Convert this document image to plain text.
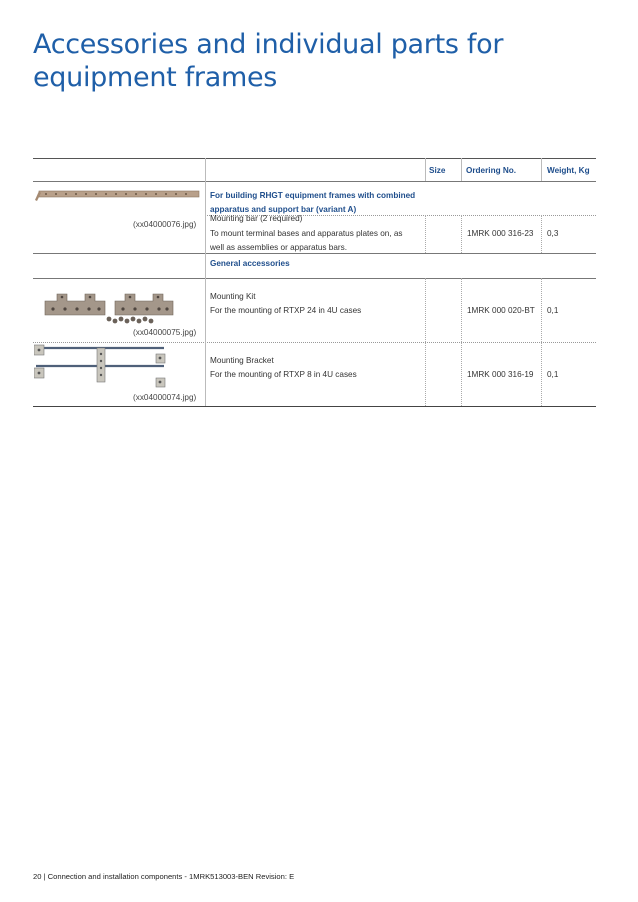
Accessories and individual parts for equipment frames
Size	Ordering No.	Weight, Kg
(xx04000076.jpg)
For building RHGT equipment frames with combined
apparatus and support bar (variant A)
Mounting bar (2 required)
To mount terminal bases and apparatus plates on, as
well as assemblies or apparatus bars.
1MRK 000 316-23 0,3
General accessories
(xx04000075.jpg)
Mounting Kit
For the mounting of RTXP 24 in 4U cases	1MRK 000 020-BT 0,1
(xx04000074.jpg)
Mounting Bracket
For the mounting of RTXP 8 in 4U cases	1MRK 000 316-19 0,1
20 | Connection and installation components - 1MRK513003-BEN Revision: E
